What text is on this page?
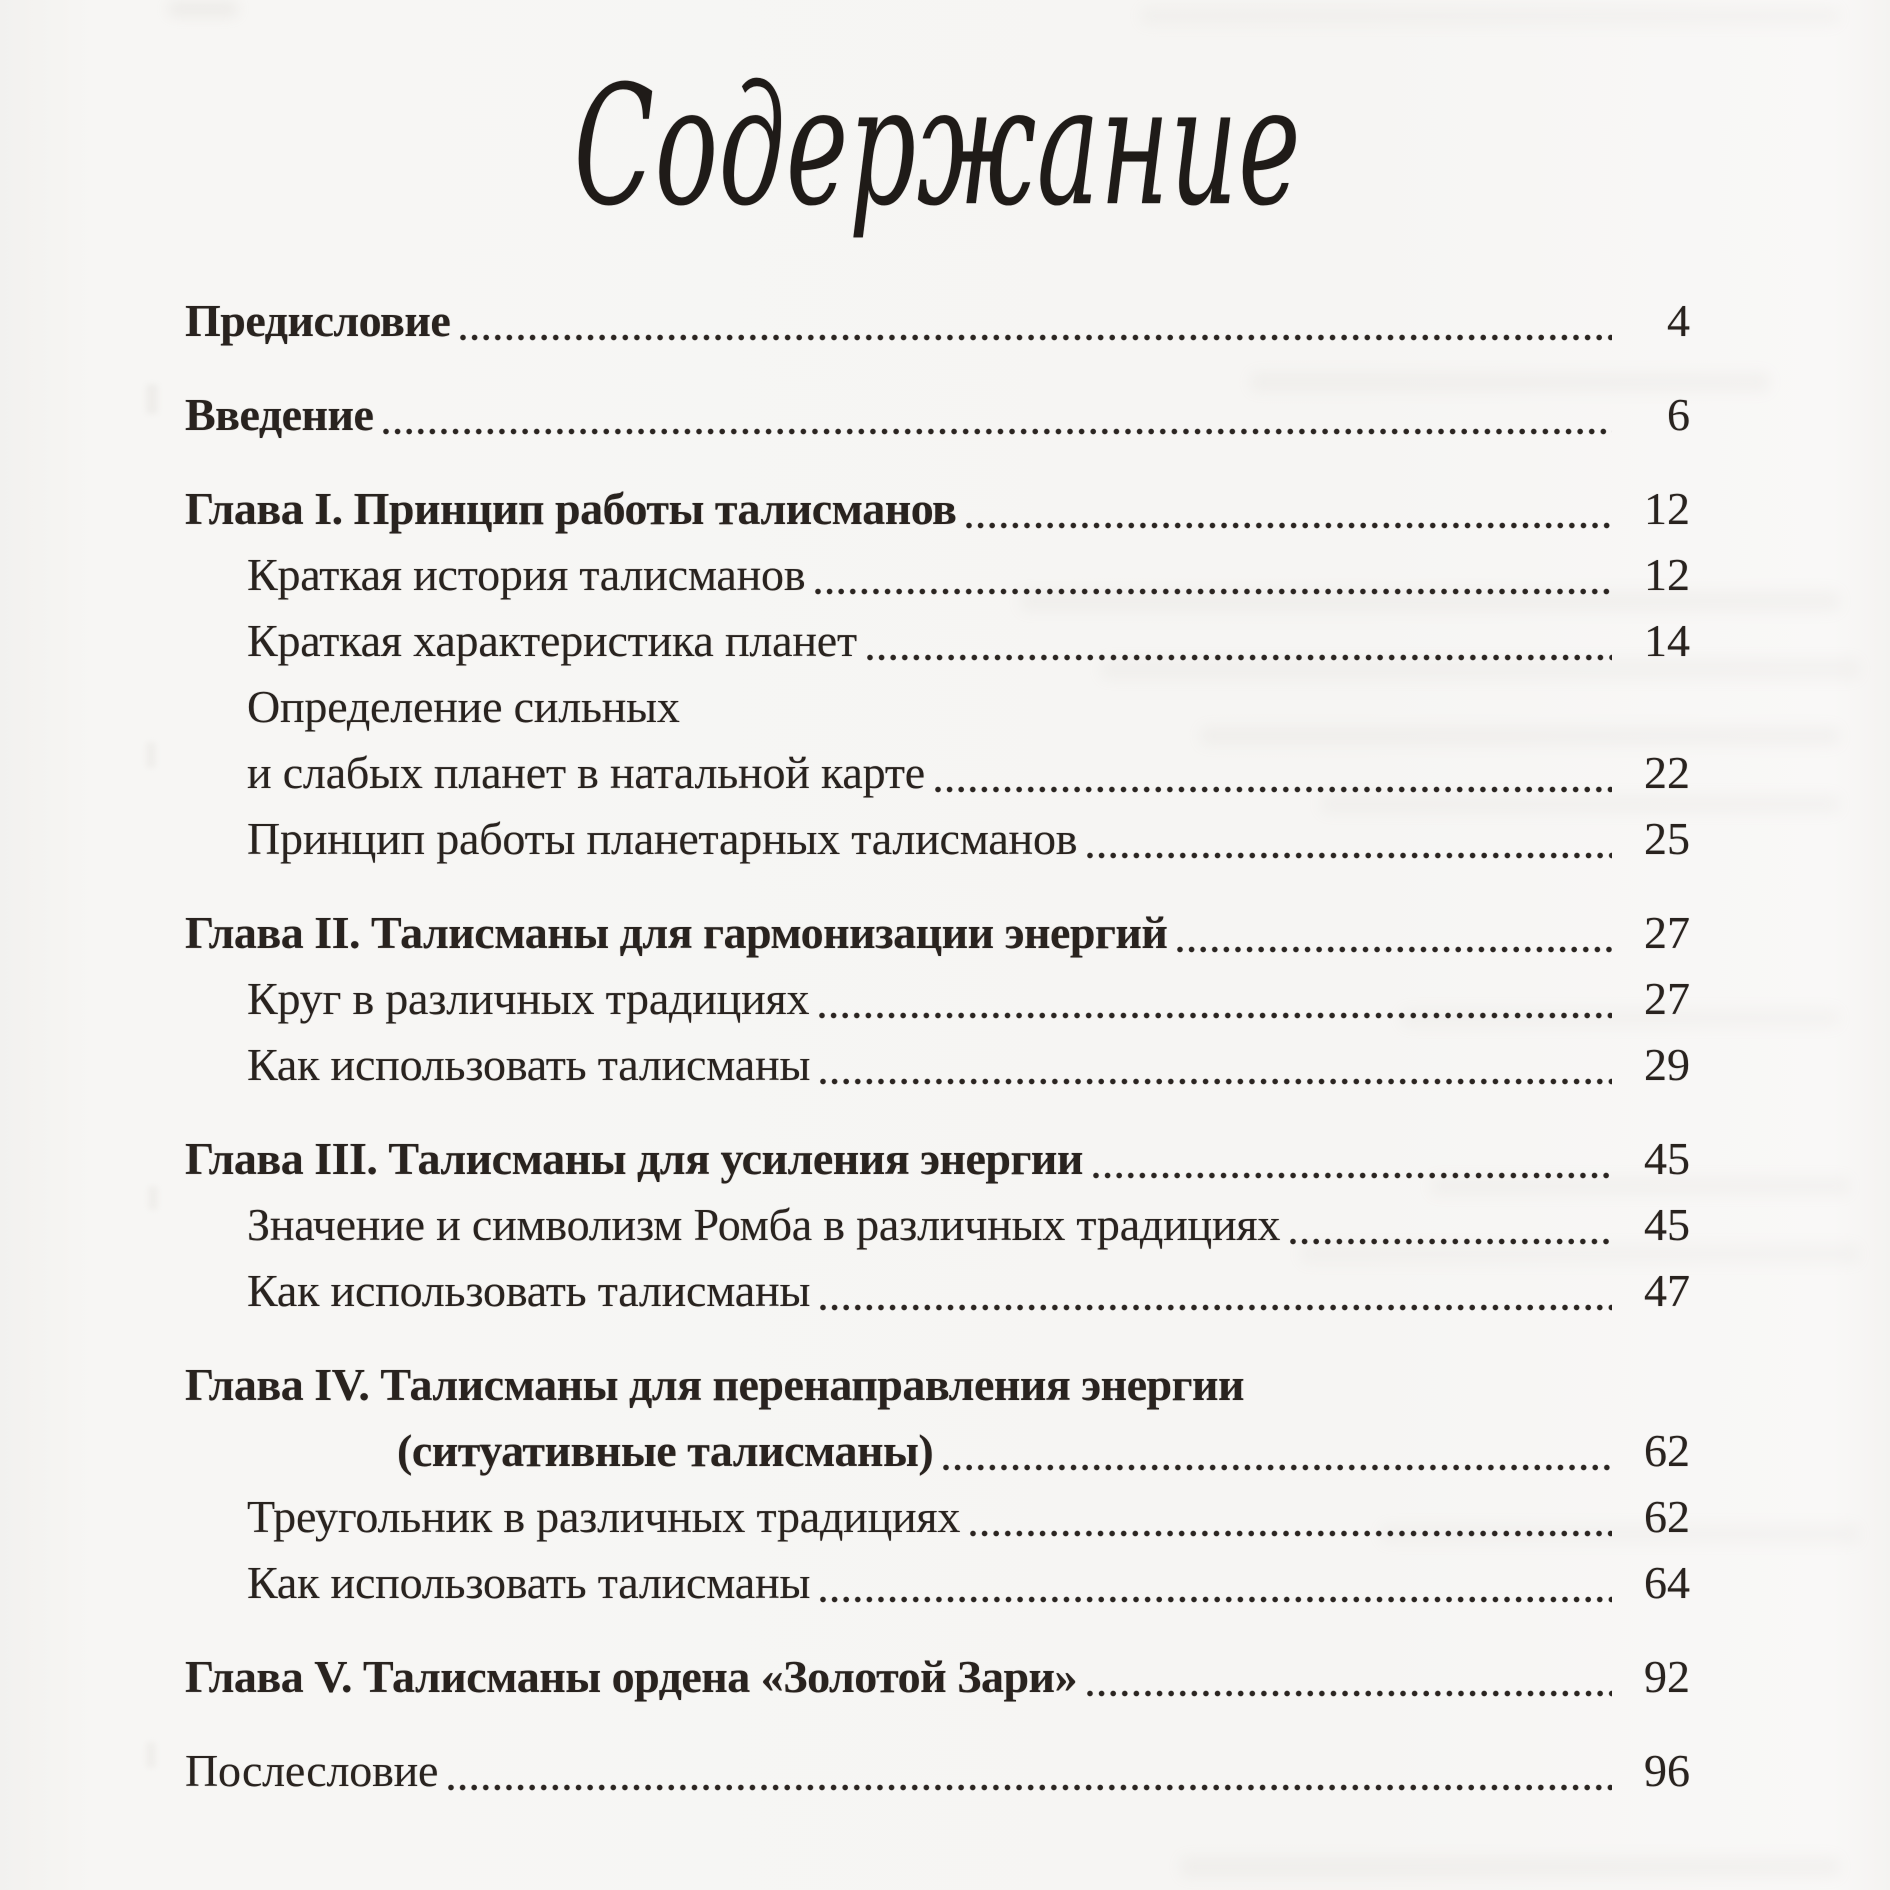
Содержание
Предисловие	4
Введение	6
Глава I. Принцип работы талисманов	12
Краткая история талисманов	12
Краткая характеристика планет	14
Определение сильных
и слабых планет в натальной карте	22
Принцип работы планетарных талисманов	25
Глава II. Талисманы для гармонизации энергий	27
Круг в различных традициях	27
Как использовать талисманы	29
Глава III. Талисманы для усиления энергии	45
Значение и символизм Ромба в различных традициях	45
Как использовать талисманы	47
Глава IV. Талисманы для перенаправления энергии
(ситуативные талисманы)	62
Треугольник в различных традициях	62
Как использовать талисманы	64
Глава V. Талисманы ордена «Золотой Зари»	92
Послесловие	96
